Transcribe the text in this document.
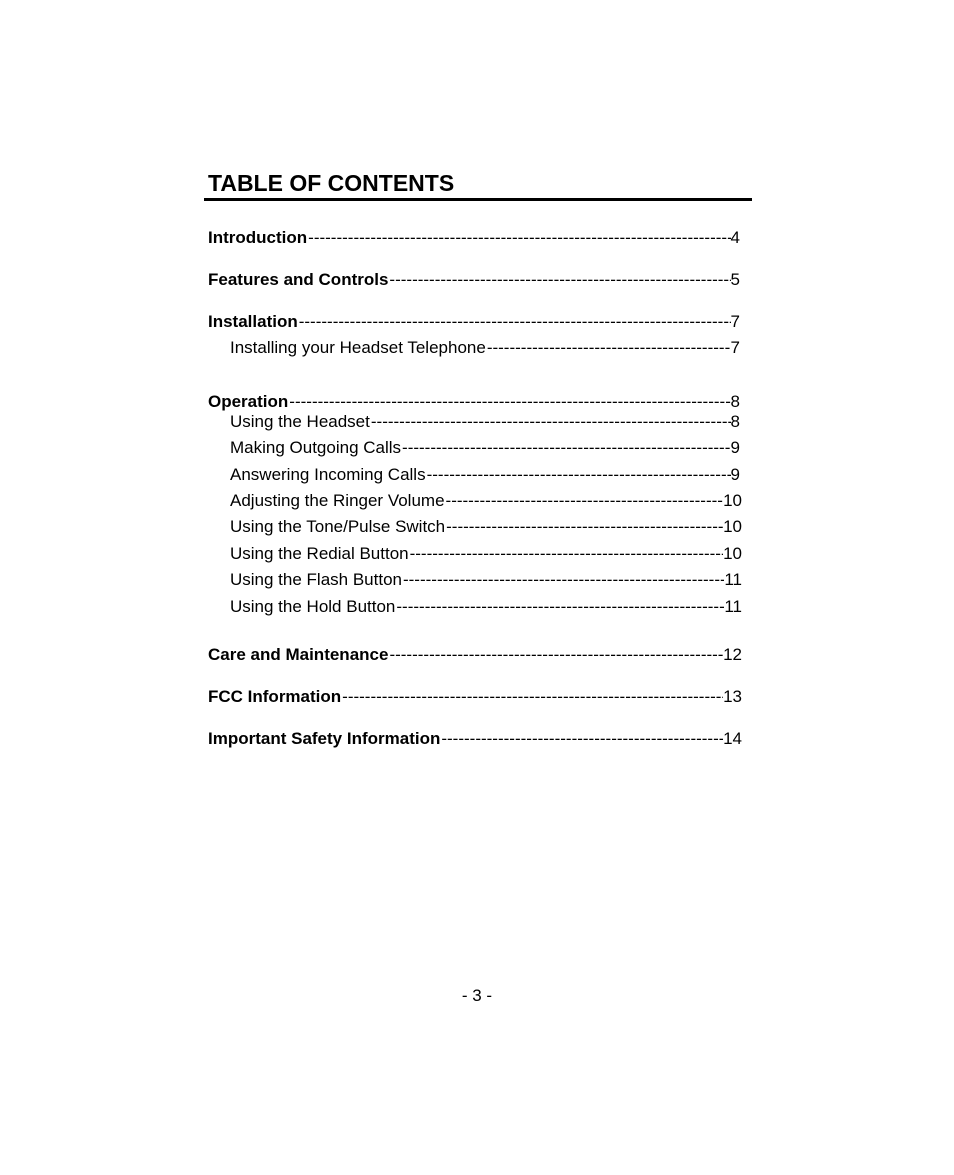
TABLE OF CONTENTS
Introduction -----	4
Features and Controls -----	5
Installation -----	7
Installing your Headset Telephone -----	7
Operation -----	8
Using the Headset -----	8
Making Outgoing Calls -----	9
Answering Incoming Calls -----	9
Adjusting the Ringer Volume -----	10
Using the Tone/Pulse Switch -----	10
Using the Redial Button -----	10
Using the Flash Button -----	11
Using the Hold Button -----	11
Care and Maintenance -----	12
FCC Information -----	13
Important Safety Information -----	14
- 3 -
